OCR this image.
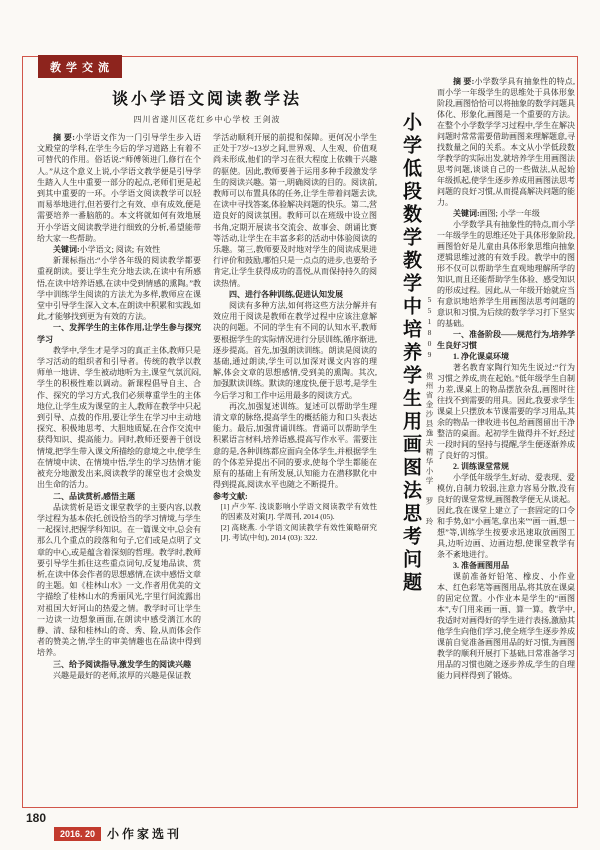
教学交流
谈小学语文阅读教学法
四川省遂川区花红乡中心学校 王剑波

摘 要:小学语文作为一门引导学生步入语文殿堂的学科,在学生今后的学习道路上有着不可替代的作用。俗话说:“师傅领进门,修行在个人。”从这个意义上说,小学语文教学便是引导学生踏入人生中重要一部分的起点,老师们更是起到其中重要的一环。小学语文阅读教学可以轻而易举地进行,但若要行之有效、卓有成效,便是需要培养一番脑筋的。本文将就如何有效地展开小学语文阅读教学进行细致的分析,希望能带给大家一些帮助。

关键词:小学语文; 阅读; 有效性

新课标指出:“小学各年级的阅读教学都要重视朗读。要让学生充分地去读,在读中有所感悟,在读中培养语感,在读中受到情感的熏陶。”教学中训练学生阅读的方法尤为多样,教师应在课堂中引导学生深入文本,在朗读中积累和实践,如此,才能够找到更为有效的方法。

一、发挥学生的主体作用,让学生参与探究学习

教学中,学生才是学习的真正主体,教师只是学习活动的组织者和引导者。传统的教学以教师单一地讲、学生被动地听为主,课堂气氛沉闷,学生的积极性难以调动。新课程倡导自主、合作、探究的学习方式,我们必须尊重学生的主体地位,让学生成为课堂的主人,教师在教学中只起到引导、点拨的作用,要让学生在学习中主动地探究、积极地思考、大胆地质疑,在合作交流中获得知识、提高能力。同时,教师还要善于创设情境,把学生带入课文所描绘的意境之中,使学生在情境中读、在情境中悟,学生的学习热情才能被充分地激发出来,阅读教学的课堂也才会焕发出生命的活力。

二、品读赏析,感悟主题

品读赏析是语文课堂教学的主要内容,以教学过程为基本依托,创设恰当的学习情境,与学生一起探讨,把握学科知识。在一篇课文中,总会有那么几个重点的段落和句子,它们或是点明了文章的中心,或是蕴含着深刻的哲理。教学时,教师要引导学生抓住这些重点词句,反复地品读、赏析,在读中体会作者的思想感情,在读中感悟文章的主题。如《桂林山水》一文,作者用优美的文字描绘了桂林山水的秀丽风光,字里行间流露出对祖国大好河山的热爱之情。教学时可让学生一边读一边想象画面,在朗读中感受漓江水的静、清、绿和桂林山的奇、秀、险,从而体会作者的赞美之情,学生的审美情趣也在品读中得到培养。

三、给予阅读指导,激发学生的阅读兴趣

兴趣是最好的老师,浓厚的兴趣是保证教

学活动顺利开展的前提和保障。更何况小学生正处于7岁~13岁之间,世界观、人生观、价值观尚未形成,他们的学习在很大程度上依赖于兴趣的驱使。因此,教师要善于运用多种手段激发学生的阅读兴趣。第一,明确阅读的目的。阅读前,教师可以布置具体的任务,让学生带着问题去读,在读中寻找答案,体验解决问题的快乐。第二,营造良好的阅读氛围。教师可以在班级中设立图书角,定期开展读书交流会、故事会、朗诵比赛等活动,让学生在丰富多彩的活动中体验阅读的乐趣。第三,教师要及时地对学生的阅读成果进行评价和鼓励,哪怕只是一点点的进步,也要给予肯定,让学生获得成功的喜悦,从而保持持久的阅读热情。

四、进行各种训练,促进认知发展

阅读有多种方法,如何将这些方法分解并有效应用于阅读是教师在教学过程中应该注意解决的问题。不同的学生有不同的认知水平,教师要根据学生的实际情况进行分层训练,循序渐进,逐步提高。首先,加强朗读训练。朗读是阅读的基础,通过朗读,学生可以加深对课文内容的理解,体会文章的思想感情,受到美的熏陶。其次,加强默读训练。默读的速度快,便于思考,是学生今后学习和工作中运用最多的阅读方式。

再次,加强复述训练。复述可以帮助学生理清文章的脉络,提高学生的概括能力和口头表达能力。最后,加强背诵训练。背诵可以帮助学生积累语言材料,培养语感,提高写作水平。需要注意的是,各种训练都应面向全体学生,并根据学生的个体差异提出不同的要求,使每个学生都能在原有的基础上有所发展,认知能力在潜移默化中得到提高,阅读水平也随之不断提升。

参考文献:

[1] 卢少军. 浅谈影响小学语文阅读教学有效性的因素及对策[J]. 学周刊, 2014 (05).

[2] 高晓燕. 小学语文阅读教学有效性策略研究[J]. 考试(中旬), 2014 (03): 322.	小学低段数学教学中培养学生用画图法思考问题 551809 贵州省金沙县逸夫精华小学 罗 玲

摘 要:小学数学具有抽象性的特点,而小学一年级学生的思维处于具体形象阶段,画图恰恰可以将抽象的数学问题具体化、形象化,画图是一个重要的方法。在整个小学数学学习过程中,学生在解决问题时常常需要借助画图来理解题意,寻找数量之间的关系。本文从小学低段数学教学的实际出发,就培养学生用画图法思考问题,谈谈自己的一些做法,从起始年级抓起,使学生逐步养成用画图法思考问题的良好习惯,从而提高解决问题的能力。

关键词:画图; 小学一年级

小学数学具有抽象性的特点,而小学一年级学生的思维还处于具体形象阶段,画图恰好是儿童由具体形象思维向抽象逻辑思维过渡的有效手段。教学中的图形不仅可以帮助学生直观地理解所学的知识,而且还能帮助学生体验、感受知识的形成过程。因此,从一年级开始就应当有意识地培养学生用画图法思考问题的意识和习惯,为后续的数学学习打下坚实的基础。

一、准备阶段——规范行为,培养学生良好习惯

1. 净化课桌环境

著名教育家陶行知先生说过:“行为习惯之养成,贵在起始。”低年级学生自制力差,课桌上的物品摆放杂乱,画图时往往找不到需要的用具。因此,我要求学生课桌上只摆放本节课需要的学习用品,其余的物品一律收进书包,给画图留出干净整洁的桌面。起初学生做得并不好,经过一段时间的坚持与提醒,学生便逐渐养成了良好的习惯。

2. 训练课堂常规

小学低年级学生,好动、爱表现、爱模仿,自制力较弱,注意力容易分散,没有良好的课堂常规,画图教学便无从谈起。因此,我在课堂上建立了一套固定的口令和手势,如“小画笔,拿出来”“画一画,想一想”等,训练学生按要求迅速取放画图工具,边听边画、边画边想,使课堂教学有条不紊地进行。

3. 准备画图用品

课前准备好铅笔、橡皮、小作业本、红色彩笔等画图用品,将其放在课桌的固定位置。小作业本是学生的“画图本”,专门用来画一画、算一算。教学中,我适时对画得好的学生进行表扬,激励其他学生向他们学习,使全班学生逐步养成课前自觉准备画图用品的好习惯,为画图教学的顺利开展打下基础,日常准备学习用品的习惯也随之逐步养成,学生的自理能力同样得到了锻炼。

180
2016. 20	小作家选刊
